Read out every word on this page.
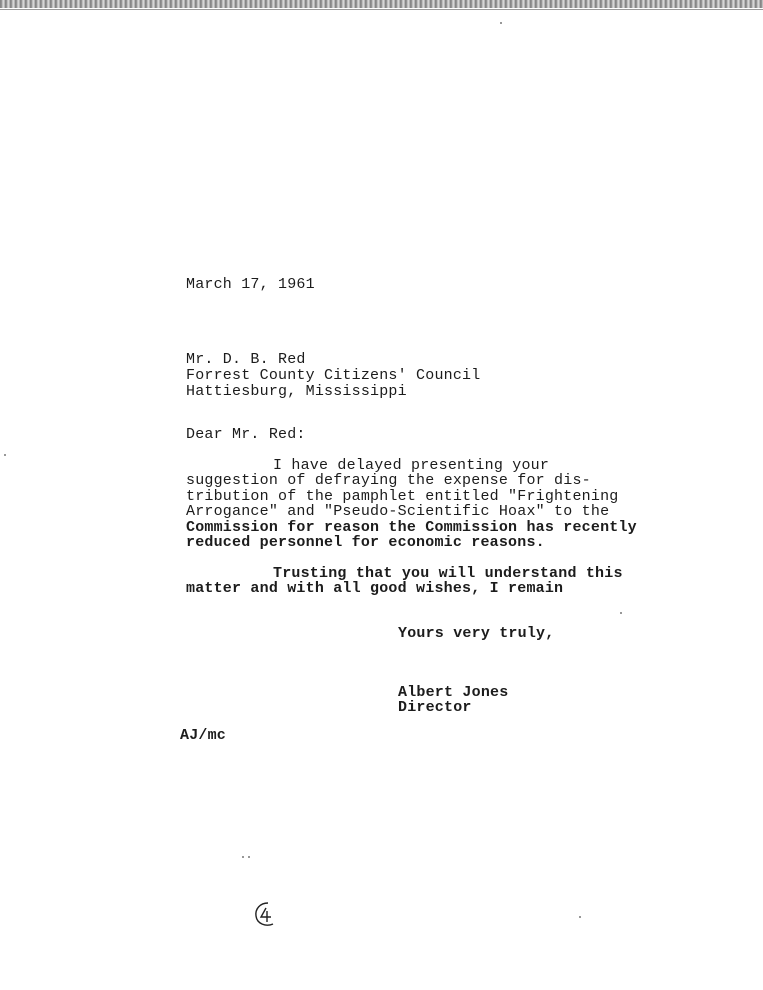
March 17, 1961
Mr. D. B. Red
Forrest County Citizens' Council
Hattiesburg, Mississippi
Dear Mr. Red:
I have delayed presenting your
suggestion of defraying the expense for dis-
tribution of the pamphlet entitled "Frightening
Arrogance" and "Pseudo-Scientific Hoax" to the
Commission for reason the Commission has recently
reduced personnel for economic reasons.
Trusting that you will understand this
matter and with all good wishes, I remain
Yours very truly,
Albert Jones
Director
AJ/mc
